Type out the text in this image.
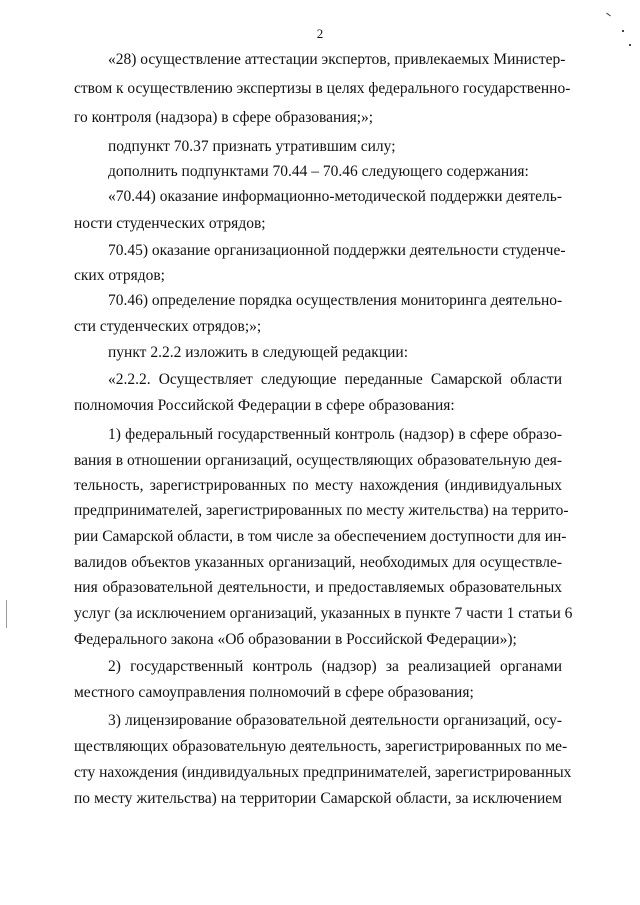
2
«28) осуществление аттестации экспертов, привлекаемых Министер-
ством к осуществлению экспертизы в целях федерального государственно-
го контроля (надзора) в сфере образования;»;
подпункт 70.37 признать утратившим силу;
дополнить подпунктами 70.44 – 70.46 следующего содержания:
«70.44) оказание информационно-методической поддержки деятель-
ности студенческих отрядов;
70.45) оказание организационной поддержки деятельности студенче-
ских отрядов;
70.46) определение порядка осуществления мониторинга деятельно-
сти студенческих отрядов;»;
пункт 2.2.2 изложить в следующей редакции:
«2.2.2. Осуществляет следующие переданные Самарской области
полномочия Российской Федерации в сфере образования:
1) федеральный государственный контроль (надзор) в сфере образо-
вания в отношении организаций, осуществляющих образовательную дея-
тельность, зарегистрированных по месту нахождения (индивидуальных
предпринимателей, зарегистрированных по месту жительства) на террито-
рии Самарской области, в том числе за обеспечением доступности для ин-
валидов объектов указанных организаций, необходимых для осуществле-
ния образовательной деятельности, и предоставляемых образовательных
услуг (за исключением организаций, указанных в пункте 7 части 1 статьи 6
Федерального закона «Об образовании в Российской Федерации»);
2) государственный контроль (надзор) за реализацией органами
местного самоуправления полномочий в сфере образования;
3) лицензирование образовательной деятельности организаций, осу-
ществляющих образовательную деятельность, зарегистрированных по ме-
сту нахождения (индивидуальных предпринимателей, зарегистрированных
по месту жительства) на территории Самарской области, за исключением
